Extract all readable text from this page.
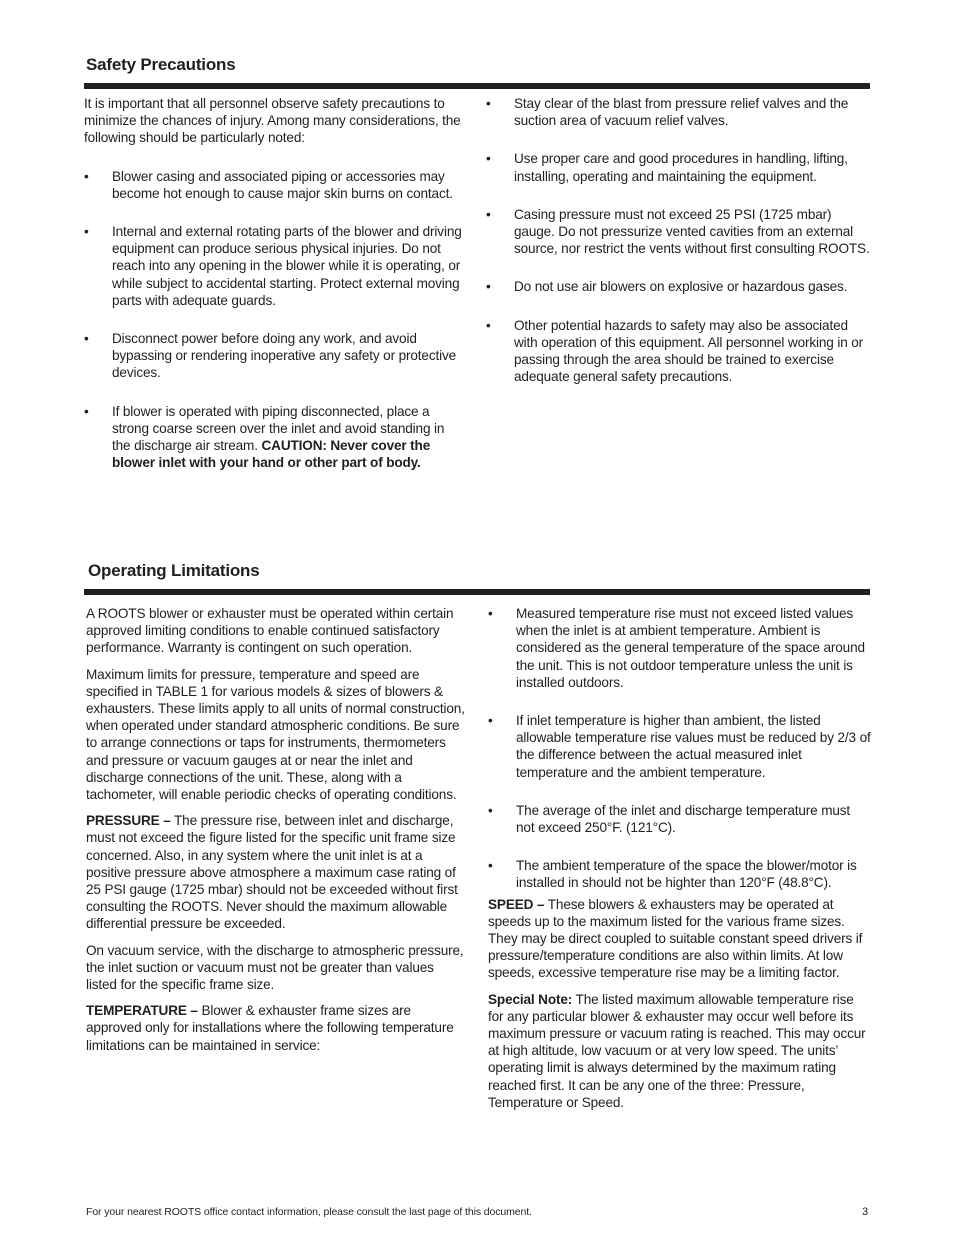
Safety Precautions

It is important that all personnel observe safety precautions to minimize the chances of injury. Among many considerations, the following should be particularly noted:

• Blower casing and associated piping or accessories may become hot enough to cause major skin burns on contact.
• Internal and external rotating parts of the blower and driving equipment can produce serious physical injuries. Do not reach into any opening in the blower while it is operating, or while subject to accidental starting. Protect external moving parts with adequate guards.
• Disconnect power before doing any work, and avoid bypassing or rendering inoperative any safety or protective devices.
• If blower is operated with piping disconnected, place a strong coarse screen over the inlet and avoid standing in the discharge air stream. CAUTION: Never cover the blower inlet with your hand or other part of body.
• Stay clear of the blast from pressure relief valves and the suction area of vacuum relief valves.
• Use proper care and good procedures in handling, lifting, installing, operating and maintaining the equipment.
• Casing pressure must not exceed 25 PSI (1725 mbar) gauge. Do not pressurize vented cavities from an external source, nor restrict the vents without first consulting ROOTS.
• Do not use air blowers on explosive or hazardous gases.
• Other potential hazards to safety may also be associated with operation of this equipment. All personnel working in or passing through the area should be trained to exercise adequate general safety precautions.
Operating Limitations

A ROOTS blower or exhauster must be operated within certain approved limiting conditions to enable continued satisfactory performance. Warranty is contingent on such operation.

Maximum limits for pressure, temperature and speed are specified in TABLE 1 for various models & sizes of blowers & exhausters. These limits apply to all units of normal construction, when operated under standard atmospheric conditions. Be sure to arrange connections or taps for instruments, thermometers and pressure or vacuum gauges at or near the inlet and discharge connections of the unit. These, along with a tachometer, will enable periodic checks of operating conditions.

PRESSURE – The pressure rise, between inlet and discharge, must not exceed the figure listed for the specific unit frame size concerned. Also, in any system where the unit inlet is at a positive pressure above atmosphere a maximum case rating of 25 PSI gauge (1725 mbar) should not be exceeded without first consulting the ROOTS. Never should the maximum allowable differential pressure be exceeded.

On vacuum service, with the discharge to atmospheric pressure, the inlet suction or vacuum must not be greater than values listed for the specific frame size.

TEMPERATURE – Blower & exhauster frame sizes are approved only for installations where the following temperature limitations can be maintained in service:

• Measured temperature rise must not exceed listed values when the inlet is at ambient temperature. Ambient is considered as the general temperature of the space around the unit. This is not outdoor temperature unless the unit is installed outdoors.
• If inlet temperature is higher than ambient, the listed allowable temperature rise values must be reduced by 2/3 of the difference between the actual measured inlet temperature and the ambient temperature.
• The average of the inlet and discharge temperature must not exceed 250°F. (121°C).
• The ambient temperature of the space the blower/motor is installed in should not be highter than 120°F (48.8°C).

SPEED – These blowers & exhausters may be operated at speeds up to the maximum listed for the various frame sizes. They may be direct coupled to suitable constant speed drivers if pressure/temperature conditions are also within limits. At low speeds, excessive temperature rise may be a limiting factor.

Special Note: The listed maximum allowable temperature rise for any particular blower & exhauster may occur well before its maximum pressure or vacuum rating is reached. This may occur at high altitude, low vacuum or at very low speed. The units’ operating limit is always determined by the maximum rating reached first. It can be any one of the three: Pressure, Temperature or Speed.

For your nearest ROOTS office contact information, please consult the last page of this document.	3
